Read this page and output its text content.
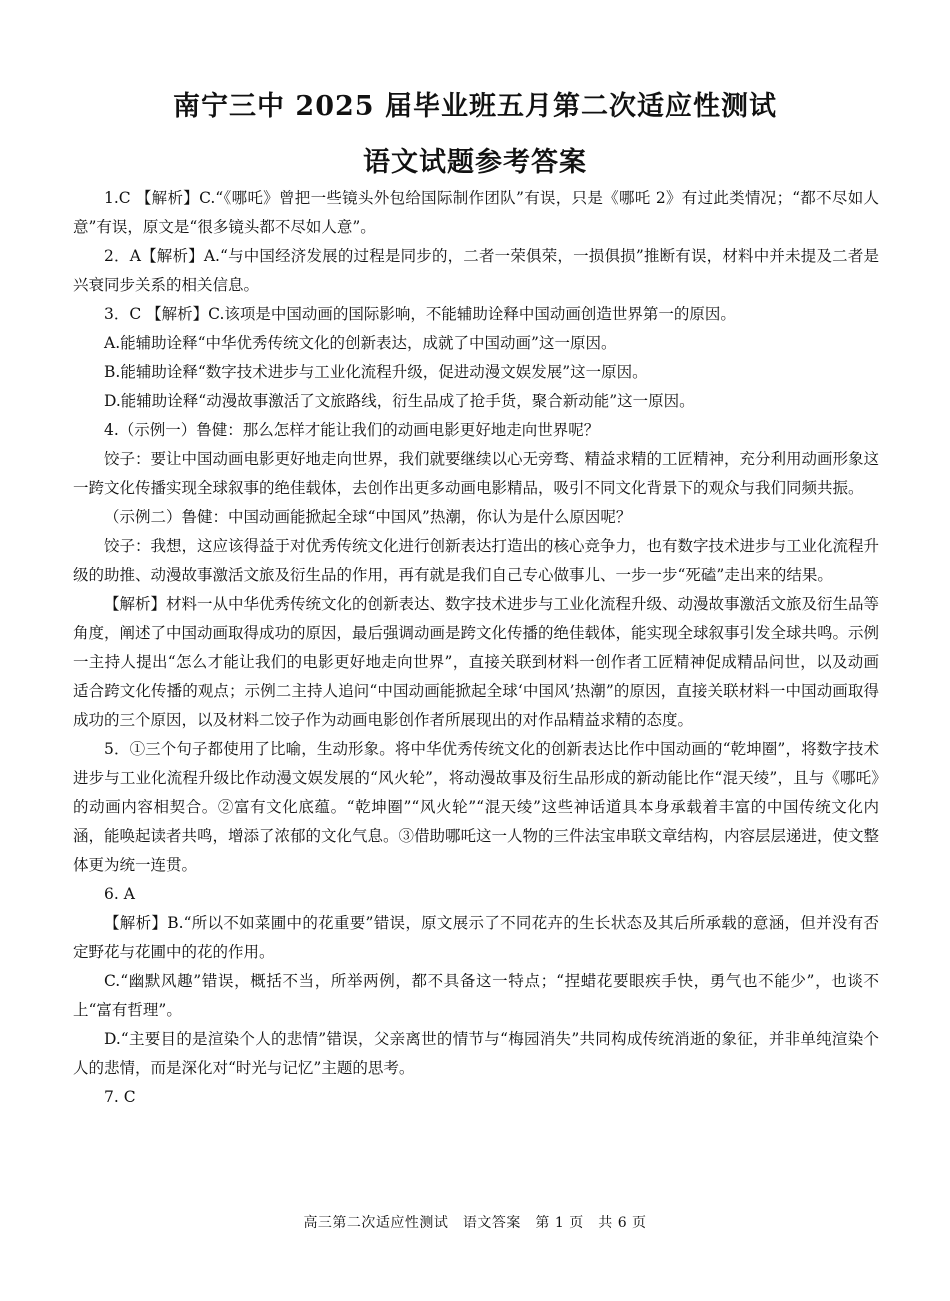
南宁三中 2025 届毕业班五月第二次适应性测试
语文试题参考答案

1.C 【解析】C.“《哪吒》曾把一些镜头外包给国际制作团队”有误，只是《哪吒 2》有过此类情况；“都不尽如人意”有误，原文是“很多镜头都不尽如人意”。

2．A【解析】A.“与中国经济发展的过程是同步的，二者一荣俱荣，一损俱损”推断有误，材料中并未提及二者是兴衰同步关系的相关信息。

3．C 【解析】C.该项是中国动画的国际影响，不能辅助诠释中国动画创造世界第一的原因。

A.能辅助诠释“中华优秀传统文化的创新表达，成就了中国动画”这一原因。

B.能辅助诠释“数字技术进步与工业化流程升级，促进动漫文娱发展”这一原因。

D.能辅助诠释“动漫故事激活了文旅路线，衍生品成了抢手货，聚合新动能”这一原因。

4.（示例一）鲁健：那么怎样才能让我们的动画电影更好地走向世界呢？

饺子：要让中国动画电影更好地走向世界，我们就要继续以心无旁骛、精益求精的工匠精神，充分利用动画形象这一跨文化传播实现全球叙事的绝佳载体，去创作出更多动画电影精品，吸引不同文化背景下的观众与我们同频共振。

（示例二）鲁健：中国动画能掀起全球“中国风”热潮，你认为是什么原因呢？

饺子：我想，这应该得益于对优秀传统文化进行创新表达打造出的核心竞争力，也有数字技术进步与工业化流程升级的助推、动漫故事激活文旅及衍生品的作用，再有就是我们自己专心做事儿、一步一步“死磕”走出来的结果。

【解析】材料一从中华优秀传统文化的创新表达、数字技术进步与工业化流程升级、动漫故事激活文旅及衍生品等角度，阐述了中国动画取得成功的原因，最后强调动画是跨文化传播的绝佳载体，能实现全球叙事引发全球共鸣。示例一主持人提出“怎么才能让我们的电影更好地走向世界”，直接关联到材料一创作者工匠精神促成精品问世，以及动画适合跨文化传播的观点；示例二主持人追问“中国动画能掀起全球‘中国风’热潮”的原因，直接关联材料一中国动画取得成功的三个原因，以及材料二饺子作为动画电影创作者所展现出的对作品精益求精的态度。

5．①三个句子都使用了比喻，生动形象。将中华优秀传统文化的创新表达比作中国动画的“乾坤圈”，将数字技术进步与工业化流程升级比作动漫文娱发展的“风火轮”，将动漫故事及衍生品形成的新动能比作“混天绫”，且与《哪吒》的动画内容相契合。②富有文化底蕴。“乾坤圈”“风火轮”“混天绫”这些神话道具本身承载着丰富的中国传统文化内涵，能唤起读者共鸣，增添了浓郁的文化气息。③借助哪吒这一人物的三件法宝串联文章结构，内容层层递进，使文整体更为统一连贯。

6. A

【解析】B.“所以不如菜圃中的花重要”错误，原文展示了不同花卉的生长状态及其后所承载的意涵，但并没有否定野花与花圃中的花的作用。

C.“幽默风趣”错误，概括不当，所举两例，都不具备这一特点；“捏蜡花要眼疾手快，勇气也不能少”，也谈不上“富有哲理”。

D.“主要目的是渲染个人的悲情”错误，父亲离世的情节与“梅园消失”共同构成传统消逝的象征，并非单纯渲染个人的悲情，而是深化对“时光与记忆”主题的思考。

7. C

高三第二次适应性测试　语文答案　第 1 页　共 6 页
